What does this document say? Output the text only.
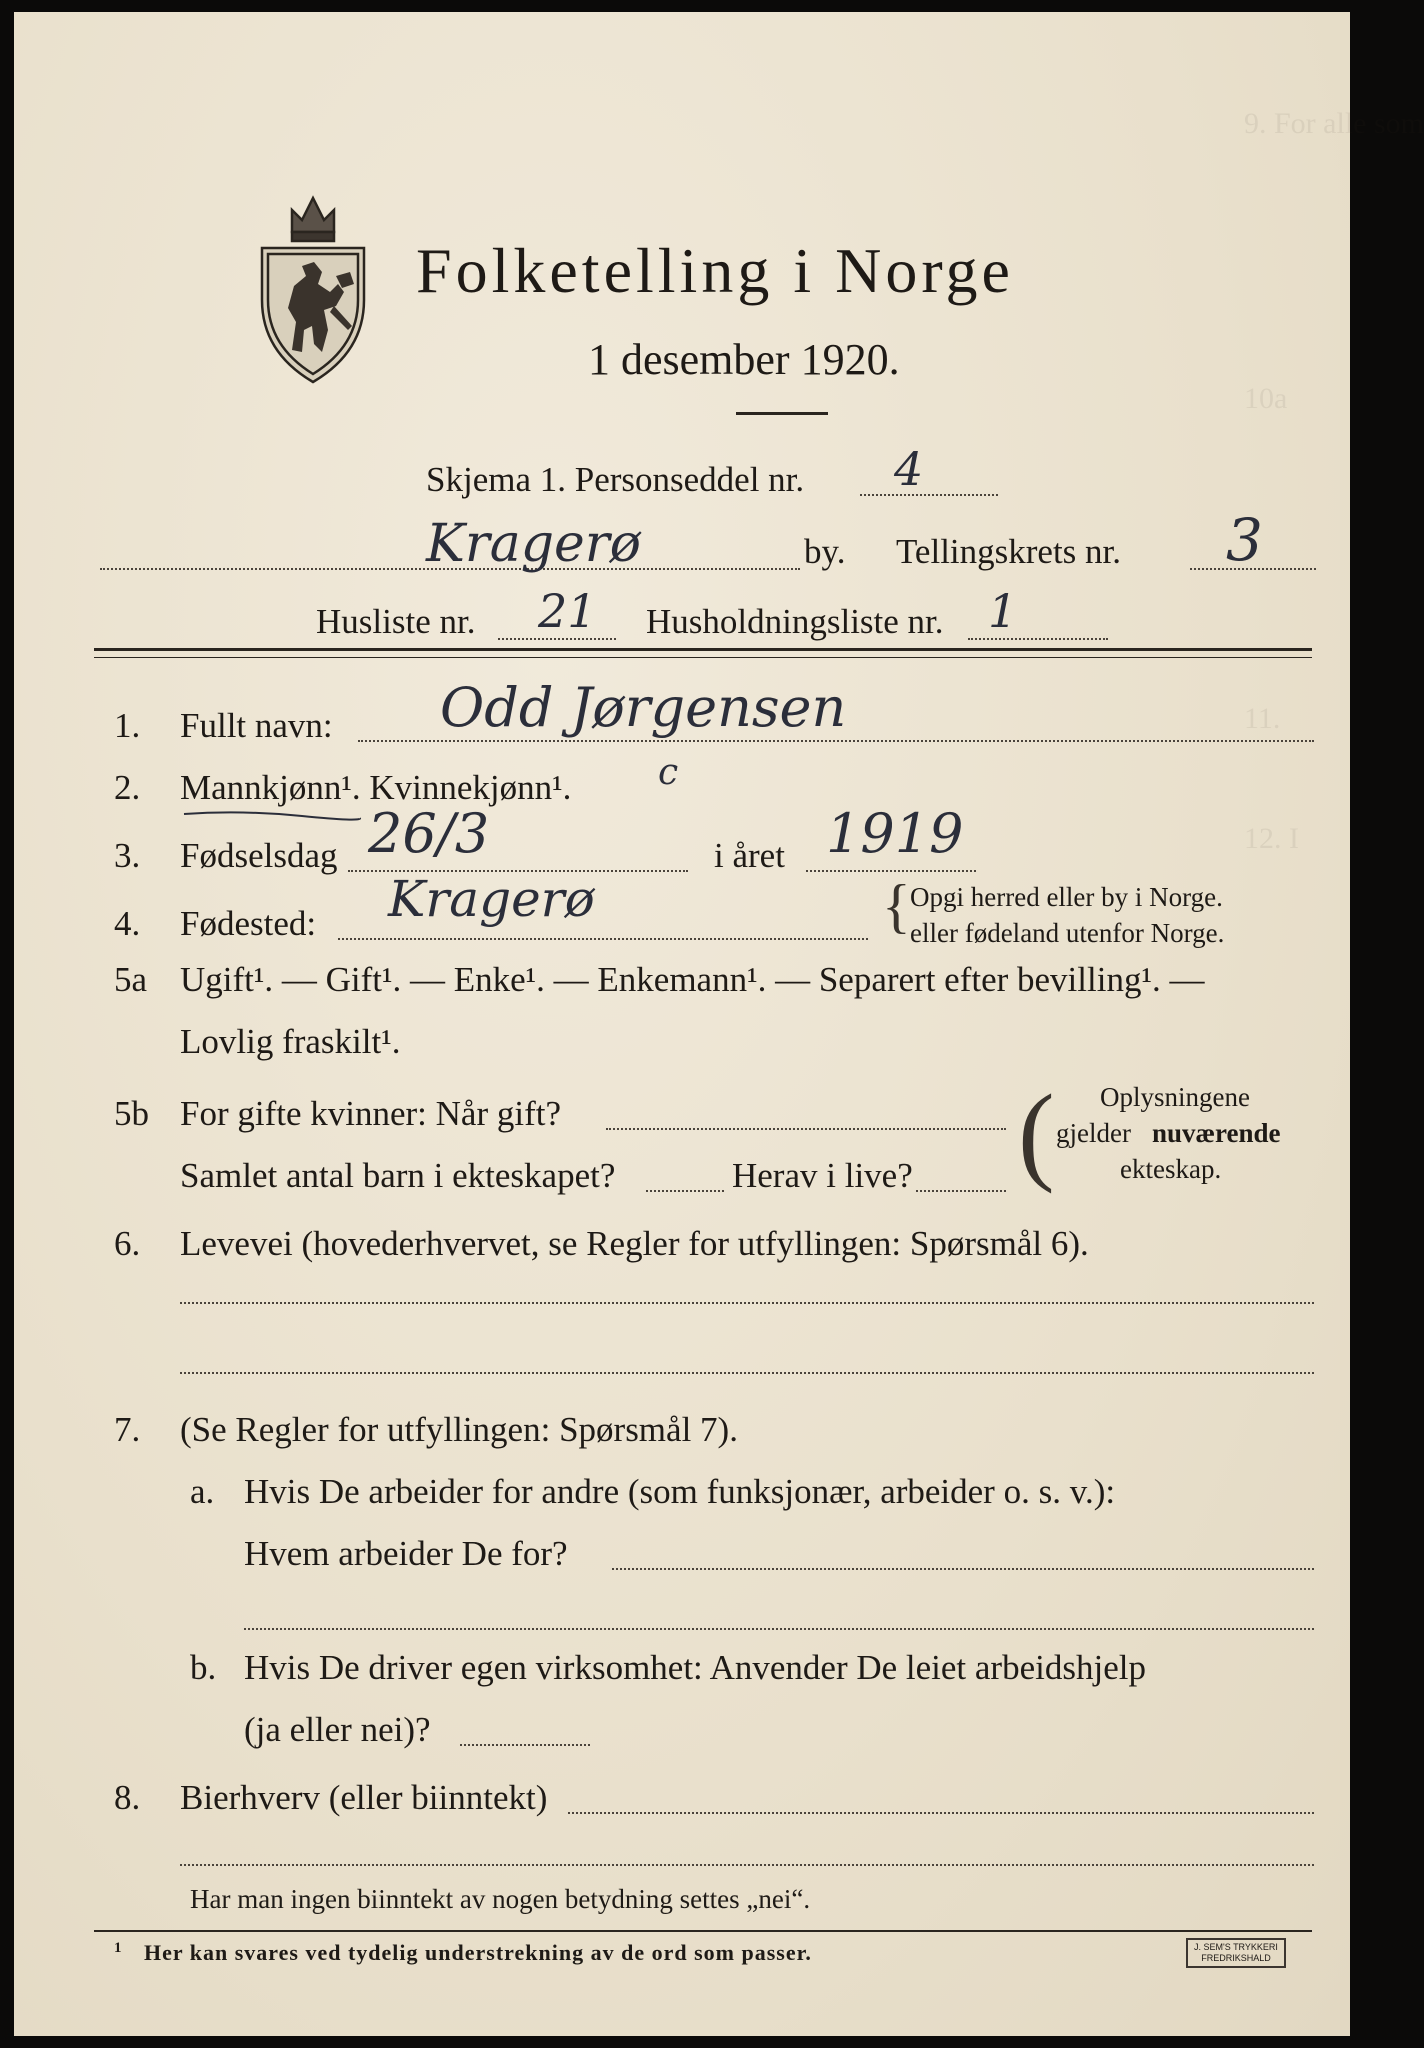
9. For alle som
10a
11.
12. I
Folketelling i Norge
1 desember 1920.
Skjema 1. Personseddel nr. 4
Kragerø	by. Tellingskrets nr. 3
Husliste nr. 21 Husholdningsliste nr. 1
1. Fullt navn: Odd Jørgensen
2. Mannkjønn¹. Kvinnekjønn¹. c
3. Fødselsdag 26/3	i året 1919
4. Fødested: Kragerø	{ Opgi herred eller by i Norge.
eller fødeland utenfor Norge.
5a Ugift¹. — Gift¹. — Enke¹. — Enkemann¹. — Separert efter bevilling¹. —
Lovlig fraskilt¹.
5b For gifte kvinner: Når gift?
Samlet antal barn i ekteskapet?	Herav i live? ( Oplysningene
gjelder nuværende
ekteskap.
6. Levevei (hovederhvervet, se Regler for utfyllingen: Spørsmål 6).
7. (Se Regler for utfyllingen: Spørsmål 7).
a. Hvis De arbeider for andre (som funksjonær, arbeider o. s. v.):
Hvem arbeider De for?
b. Hvis De driver egen virksomhet: Anvender De leiet arbeidshjelp
(ja eller nei)?
8. Bierhverv (eller biinntekt)
Har man ingen biinntekt av nogen betydning settes „nei“.
1 Her kan svares ved tydelig understrekning av de ord som passer.	J. SEM'S TRYKKERI
FREDRIKSHALD
